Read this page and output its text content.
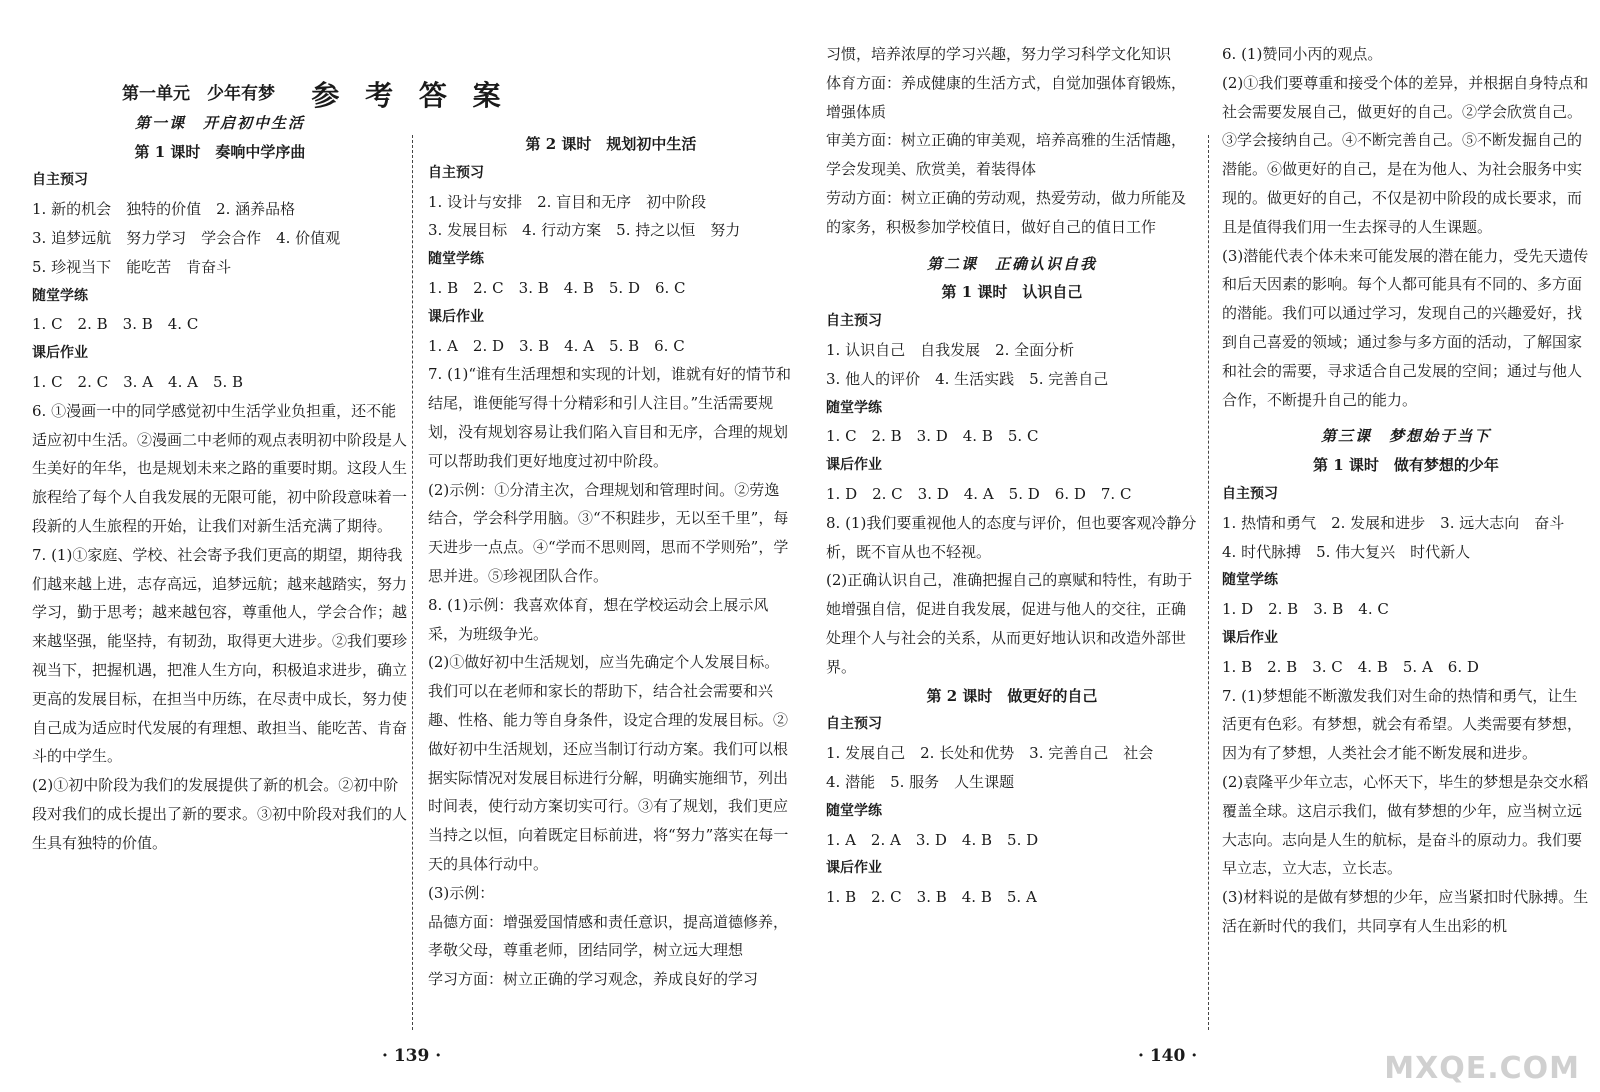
参 考 答 案

第一单元　少年有梦

第一课　开启初中生活

第 1 课时　奏响中学序曲

自主预习

1. 新的机会　独特的价值　2. 涵养品格

3. 追梦远航　努力学习　学会合作　4. 价值观

5. 珍视当下　能吃苦　肯奋斗

随堂学练

1. C　2. B　3. B　4. C

课后作业

1. C　2. C　3. A　4. A　5. B

6. ①漫画一中的同学感觉初中生活学业负担重，还不能适应初中生活。②漫画二中老师的观点表明初中阶段是人生美好的年华，也是规划未来之路的重要时期。这段人生旅程给了每个人自我发展的无限可能，初中阶段意味着一段新的人生旅程的开始，让我们对新生活充满了期待。

7. (1)①家庭、学校、社会寄予我们更高的期望，期待我们越来越上进，志存高远，追梦远航；越来越踏实，努力学习，勤于思考；越来越包容，尊重他人，学会合作；越来越坚强，能坚持，有韧劲，取得更大进步。②我们要珍视当下，把握机遇，把准人生方向，积极追求进步，确立更高的发展目标，在担当中历练，在尽责中成长，努力使自己成为适应时代发展的有理想、敢担当、能吃苦、肯奋斗的中学生。

(2)①初中阶段为我们的发展提供了新的机会。②初中阶段对我们的成长提出了新的要求。③初中阶段对我们的人生具有独特的价值。

第 2 课时　规划初中生活

自主预习

1. 设计与安排　2. 盲目和无序　初中阶段

3. 发展目标　4. 行动方案　5. 持之以恒　努力

随堂学练

1. B　2. C　3. B　4. B　5. D　6. C

课后作业

1. A　2. D　3. B　4. A　5. B　6. C

7. (1)“谁有生活理想和实现的计划，谁就有好的情节和结尾，谁便能写得十分精彩和引人注目。”生活需要规划，没有规划容易让我们陷入盲目和无序，合理的规划可以帮助我们更好地度过初中阶段。

(2)示例：①分清主次，合理规划和管理时间。②劳逸结合，学会科学用脑。③“不积跬步，无以至千里”，每天进步一点点。④“学而不思则罔，思而不学则殆”，学思并进。⑤珍视团队合作。

8. (1)示例：我喜欢体育，想在学校运动会上展示风采，为班级争光。

(2)①做好初中生活规划，应当先确定个人发展目标。我们可以在老师和家长的帮助下，结合社会需要和兴趣、性格、能力等自身条件，设定合理的发展目标。②做好初中生活规划，还应当制订行动方案。我们可以根据实际情况对发展目标进行分解，明确实施细节，列出时间表，使行动方案切实可行。③有了规划，我们更应当持之以恒，向着既定目标前进，将“努力”落实在每一天的具体行动中。

(3)示例：

品德方面：增强爱国情感和责任意识，提高道德修养，孝敬父母，尊重老师，团结同学，树立远大理想

学习方面：树立正确的学习观念，养成良好的学习

习惯，培养浓厚的学习兴趣，努力学习科学文化知识

体育方面：养成健康的生活方式，自觉加强体育锻炼，增强体质

审美方面：树立正确的审美观，培养高雅的生活情趣，学会发现美、欣赏美，着装得体

劳动方面：树立正确的劳动观，热爱劳动，做力所能及的家务，积极参加学校值日，做好自己的值日工作

第二课　正确认识自我

第 1 课时　认识自己

自主预习

1. 认识自己　自我发展　2. 全面分析

3. 他人的评价　4. 生活实践　5. 完善自己

随堂学练

1. C　2. B　3. D　4. B　5. C

课后作业

1. D　2. C　3. D　4. A　5. D　6. D　7. C

8. (1)我们要重视他人的态度与评价，但也要客观冷静分析，既不盲从也不轻视。

(2)正确认识自己，准确把握自己的禀赋和特性，有助于她增强自信，促进自我发展，促进与他人的交往，正确处理个人与社会的关系，从而更好地认识和改造外部世界。

第 2 课时　做更好的自己

自主预习

1. 发展自己　2. 长处和优势　3. 完善自己　社会

4. 潜能　5. 服务　人生课题

随堂学练

1. A　2. A　3. D　4. B　5. D

课后作业

1. B　2. C　3. B　4. B　5. A

6. (1)赞同小丙的观点。

(2)①我们要尊重和接受个体的差异，并根据自身特点和社会需要发展自己，做更好的自己。②学会欣赏自己。③学会接纳自己。④不断完善自己。⑤不断发掘自己的潜能。⑥做更好的自己，是在为他人、为社会服务中实现的。做更好的自己，不仅是初中阶段的成长要求，而且是值得我们用一生去探寻的人生课题。

(3)潜能代表个体未来可能发展的潜在能力，受先天遗传和后天因素的影响。每个人都可能具有不同的、多方面的潜能。我们可以通过学习，发现自己的兴趣爱好，找到自己喜爱的领域；通过参与多方面的活动，了解国家和社会的需要，寻求适合自己发展的空间；通过与他人合作，不断提升自己的能力。

第三课　梦想始于当下

第 1 课时　做有梦想的少年

自主预习

1. 热情和勇气　2. 发展和进步　3. 远大志向　奋斗

4. 时代脉搏　5. 伟大复兴　时代新人

随堂学练

1. D　2. B　3. B　4. C

课后作业

1. B　2. B　3. C　4. B　5. A　6. D

7. (1)梦想能不断激发我们对生命的热情和勇气，让生活更有色彩。有梦想，就会有希望。人类需要有梦想，因为有了梦想，人类社会才能不断发展和进步。

(2)袁隆平少年立志，心怀天下，毕生的梦想是杂交水稻覆盖全球。这启示我们，做有梦想的少年，应当树立远大志向。志向是人生的航标，是奋斗的原动力。我们要早立志，立大志，立长志。

(3)材料说的是做有梦想的少年，应当紧扣时代脉搏。生活在新时代的我们，共同享有人生出彩的机

· 139 ·	· 140 ·	MXQE.COM
